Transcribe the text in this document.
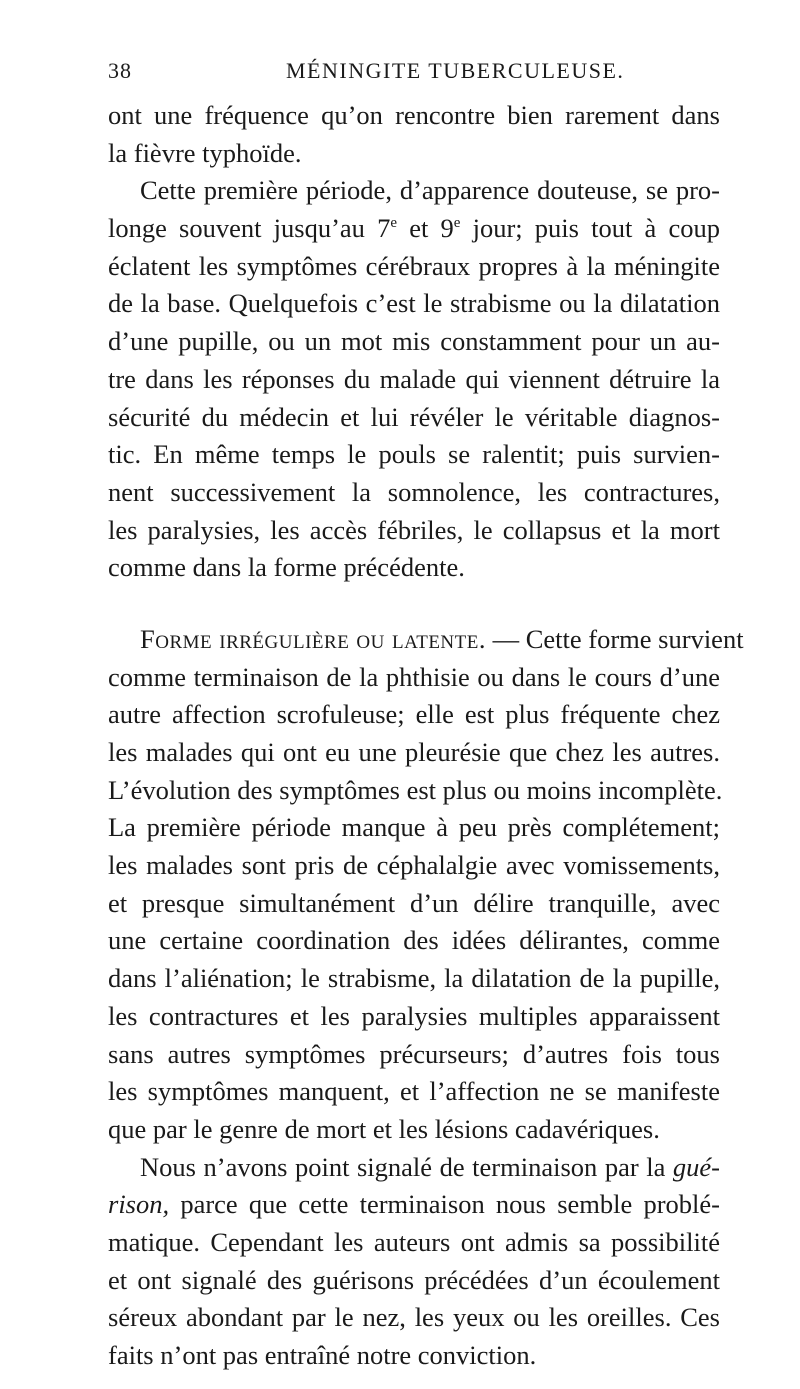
38	MÉNINGITE TUBERCULEUSE.
ont une fréquence qu’on rencontre bien rarement dans
la fièvre typhoïde.
Cette première période, d’apparence douteuse, se pro-
longe souvent jusqu’au 7e et 9e jour; puis tout à coup
éclatent les symptômes cérébraux propres à la méningite
de la base. Quelquefois c’est le strabisme ou la dilatation
d’une pupille, ou un mot mis constamment pour un au-
tre dans les réponses du malade qui viennent détruire la
sécurité du médecin et lui révéler le véritable diagnos-
tic. En même temps le pouls se ralentit; puis survien-
nent successivement la somnolence, les contractures,
les paralysies, les accès fébriles, le collapsus et la mort
comme dans la forme précédente.
Forme irrégulière ou latente. — Cette forme survient
comme terminaison de la phthisie ou dans le cours d’une
autre affection scrofuleuse; elle est plus fréquente chez
les malades qui ont eu une pleurésie que chez les autres.
L’évolution des symptômes est plus ou moins incomplète.
La première période manque à peu près complétement;
les malades sont pris de céphalalgie avec vomissements,
et presque simultanément d’un délire tranquille, avec
une certaine coordination des idées délirantes, comme
dans l’aliénation; le strabisme, la dilatation de la pupille,
les contractures et les paralysies multiples apparaissent
sans autres symptômes précurseurs; d’autres fois tous
les symptômes manquent, et l’affection ne se manifeste
que par le genre de mort et les lésions cadavériques.
Nous n’avons point signalé de terminaison par la gué-
rison, parce que cette terminaison nous semble problé-
matique. Cependant les auteurs ont admis sa possibilité
et ont signalé des guérisons précédées d’un écoulement
séreux abondant par le nez, les yeux ou les oreilles. Ces
faits n’ont pas entraîné notre conviction.
